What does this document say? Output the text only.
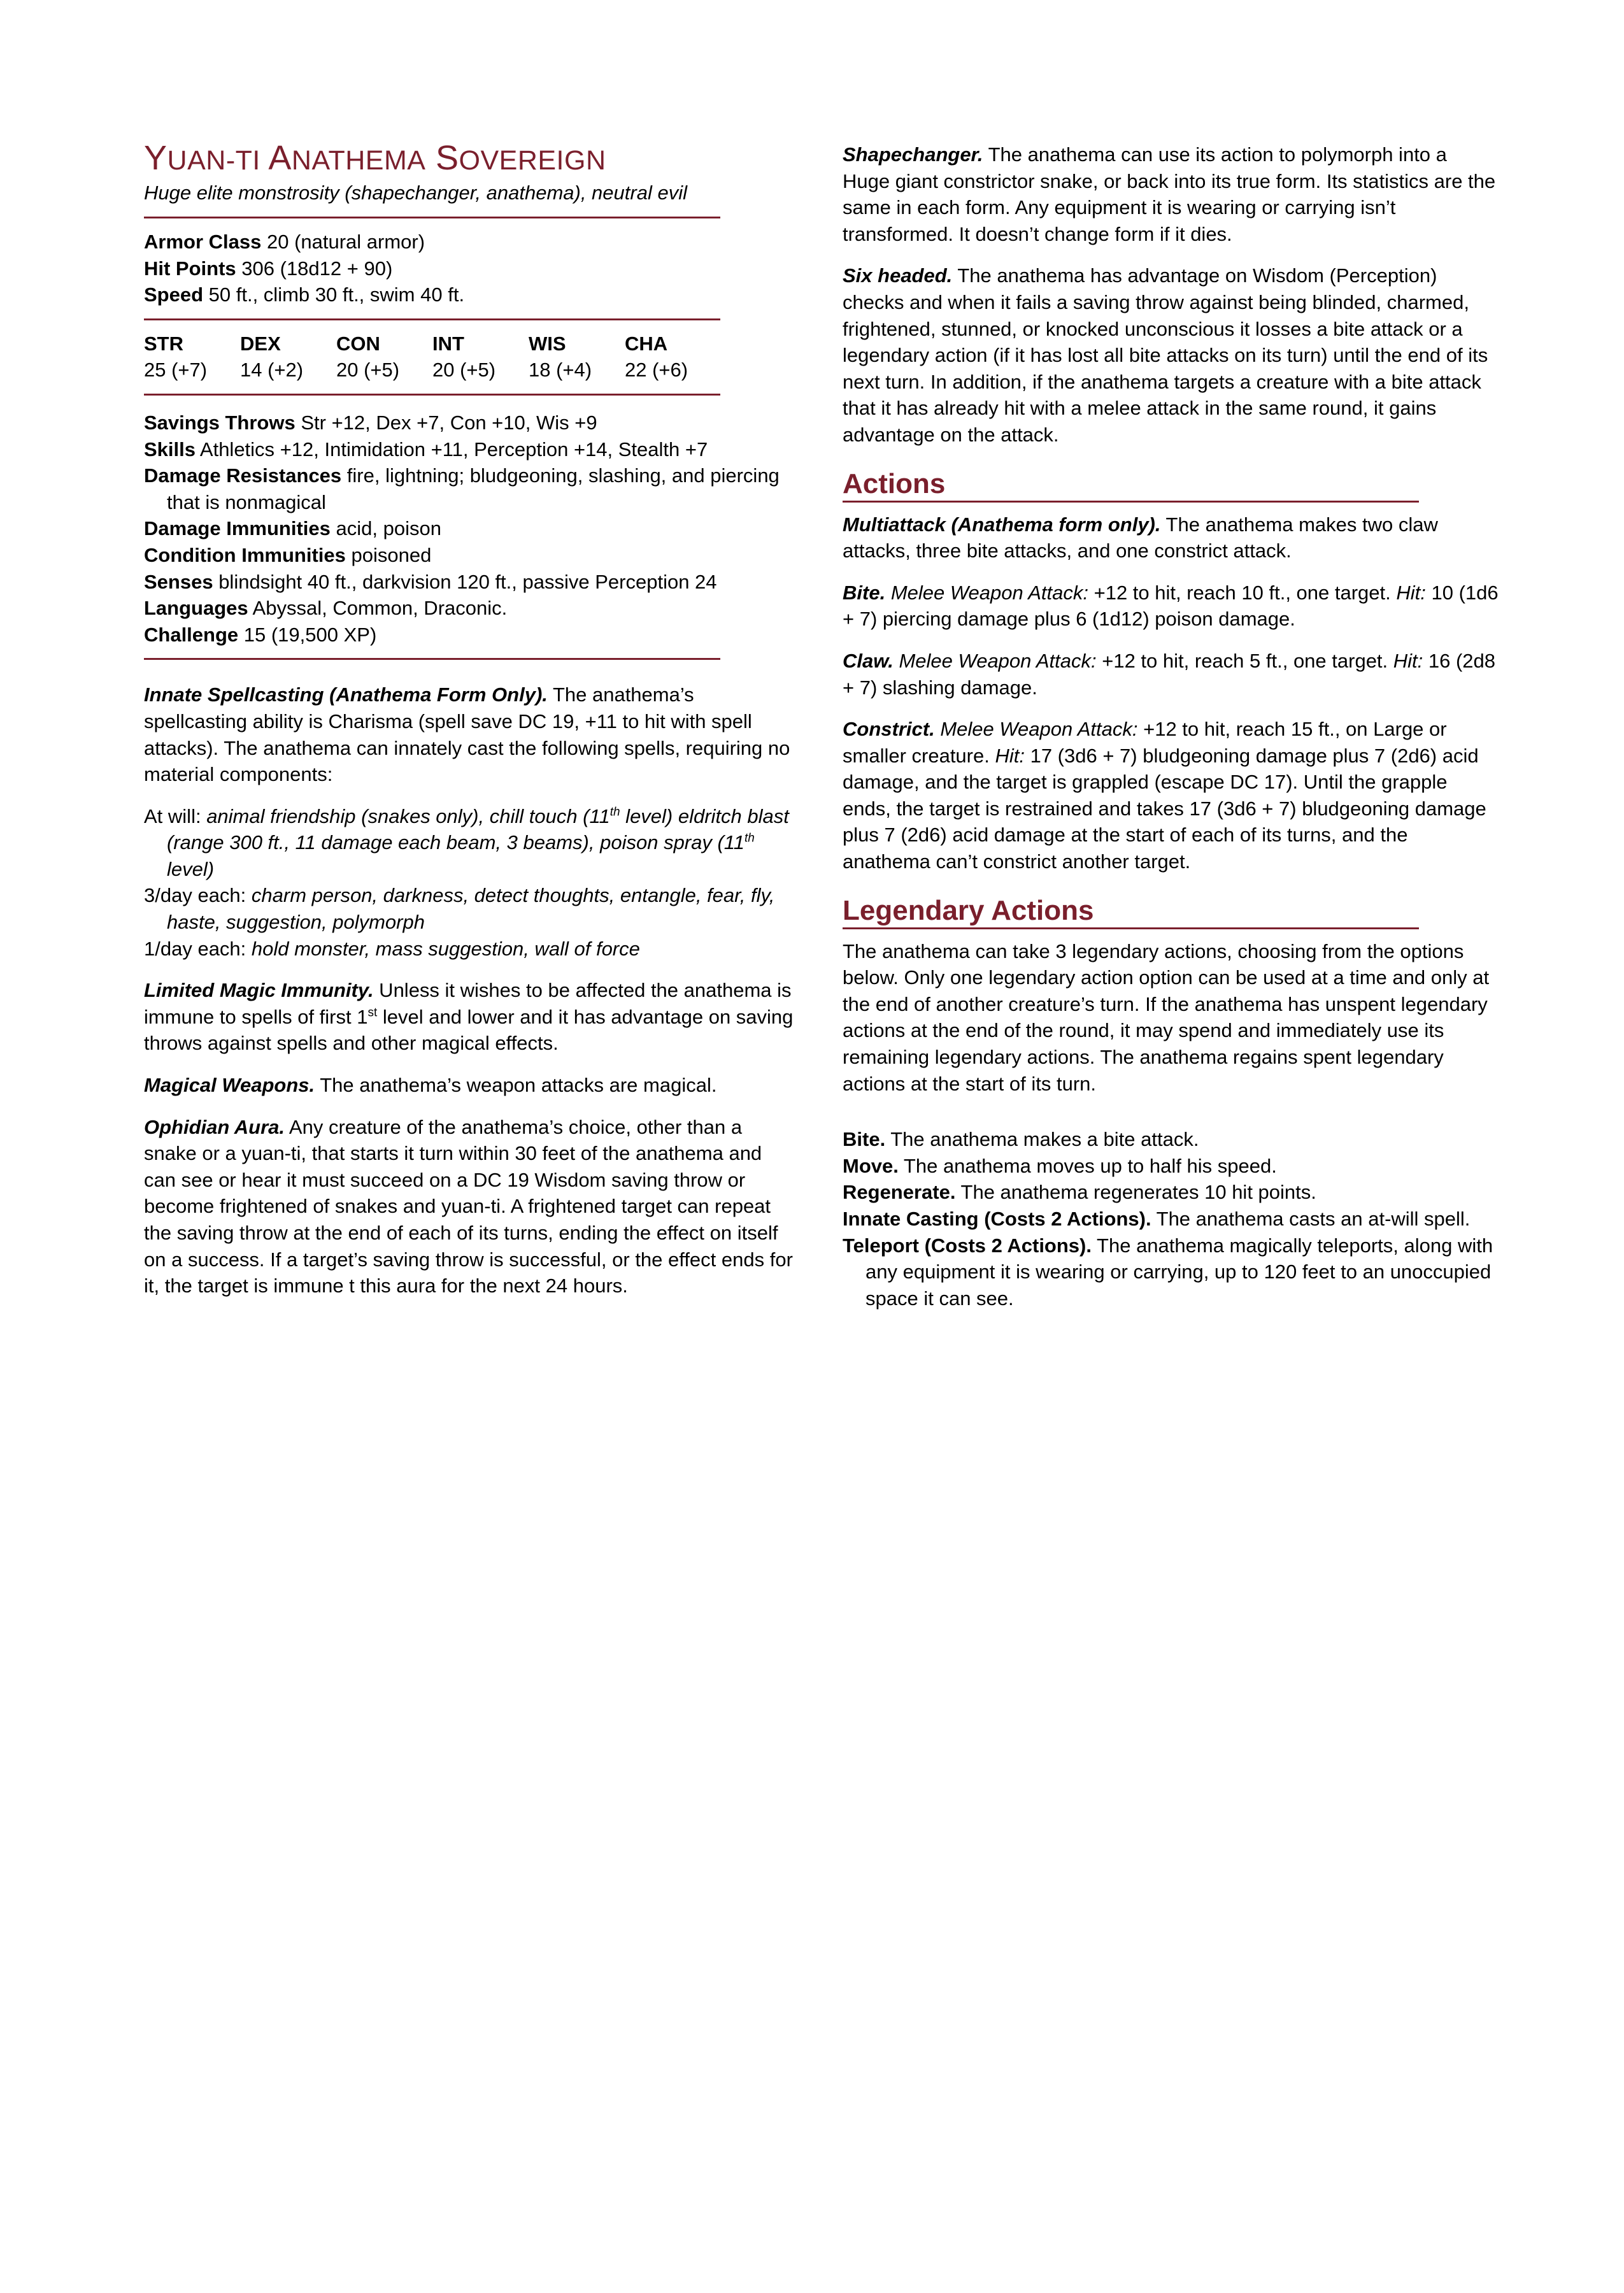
YUAN-TI ANATHEMA SOVEREIGN

Huge elite monstrosity (shapechanger, anathema), neutral evil

Armor Class 20 (natural armor)

Hit Points 306 (18d12 + 90)

Speed 50 ft., climb 30 ft., swim 40 ft.

STR	DEX	CON	INT	WIS	CHA
25 (+7)	14 (+2)	20 (+5)	20 (+5)	18 (+4)	22 (+6)

Savings Throws Str +12, Dex +7, Con +10, Wis +9

Skills Athletics +12, Intimidation +11, Perception +14, Stealth +7

Damage Resistances fire, lightning; bludgeoning, slashing, and piercing that is nonmagical

Damage Immunities acid, poison

Condition Immunities poisoned

Senses blindsight 40 ft., darkvision 120 ft., passive Perception 24

Languages Abyssal, Common, Draconic.

Challenge 15 (19,500 XP)

Innate Spellcasting (Anathema Form Only). The anathema’s spellcasting ability is Charisma (spell save DC 19, +11 to hit with spell attacks). The anathema can innately cast the following spells, requiring no material components:

At will: animal friendship (snakes only), chill touch (11th level) eldritch blast (range 300 ft., 11 damage each beam, 3 beams), poison spray (11th level)

3/day each: charm person, darkness, detect thoughts, entangle, fear, fly, haste, suggestion, polymorph

1/day each: hold monster, mass suggestion, wall of force

Limited Magic Immunity. Unless it wishes to be affected the anathema is immune to spells of first 1st level and lower and it has advantage on saving throws against spells and other magical effects.

Magical Weapons. The anathema’s weapon attacks are magical.

Ophidian Aura. Any creature of the anathema’s choice, other than a snake or a yuan-ti, that starts it turn within 30 feet of the anathema and can see or hear it must succeed on a DC 19 Wisdom saving throw or become frightened of snakes and yuan-ti. A frightened target can repeat the saving throw at the end of each of its turns, ending the effect on itself on a success. If a target’s saving throw is successful, or the effect ends for it, the target is immune t this aura for the next 24 hours.

Shapechanger. The anathema can use its action to polymorph into a Huge giant constrictor snake, or back into its true form. Its statistics are the same in each form. Any equipment it is wearing or carrying isn’t transformed. It doesn’t change form if it dies.

Six headed. The anathema has advantage on Wisdom (Perception) checks and when it fails a saving throw against being blinded, charmed, frightened, stunned, or knocked unconscious it losses a bite attack or a legendary action (if it has lost all bite attacks on its turn) until the end of its next turn. In addition, if the anathema targets a creature with a bite attack that it has already hit with a melee attack in the same round, it gains advantage on the attack.

Actions

Multiattack (Anathema form only). The anathema makes two claw attacks, three bite attacks, and one constrict attack.

Bite. Melee Weapon Attack: +12 to hit, reach 10 ft., one target. Hit: 10 (1d6 + 7) piercing damage plus 6 (1d12) poison damage.

Claw. Melee Weapon Attack: +12 to hit, reach 5 ft., one target. Hit: 16 (2d8 + 7) slashing damage.

Constrict. Melee Weapon Attack: +12 to hit, reach 15 ft., on Large or smaller creature. Hit: 17 (3d6 + 7) bludgeoning damage plus 7 (2d6) acid damage, and the target is grappled (escape DC 17). Until the grapple ends, the target is restrained and takes 17 (3d6 + 7) bludgeoning damage plus 7 (2d6) acid damage at the start of each of its turns, and the anathema can’t constrict another target.

Legendary Actions

The anathema can take 3 legendary actions, choosing from the options below. Only one legendary action option can be used at a time and only at the end of another creature’s turn. If the anathema has unspent legendary actions at the end of the round, it may spend and immediately use its remaining legendary actions. The anathema regains spent legendary actions at the start of its turn.

Bite. The anathema makes a bite attack.

Move. The anathema moves up to half his speed.

Regenerate. The anathema regenerates 10 hit points.

Innate Casting (Costs 2 Actions). The anathema casts an at-will spell.

Teleport (Costs 2 Actions). The anathema magically teleports, along with any equipment it is wearing or carrying, up to 120 feet to an unoccupied space it can see.
